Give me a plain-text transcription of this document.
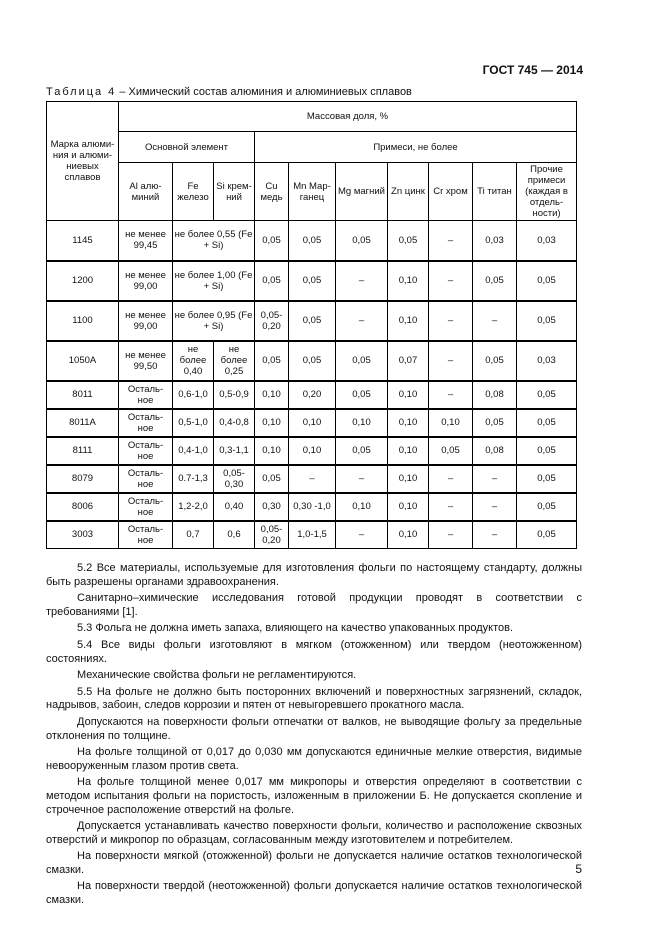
ГОСТ 745 — 2014
Таблица 4 – Химический состав алюминия и алюминиевых сплавов
Марка алюми-ния и алюми-ниевых сплавов	Массовая доля, %									
	Основной элемент			Примеси, не более						
	Al алю-миний	Fe железо	Si крем-ний	Cu медь	Mn Мар-ганец	Mg магний	Zn цинк	Cr хром	Ti титан	Прочие примеси (каждая в отдель-ности)
1145	не менее 99,45	не более 0,55 (Fe + Si)		0,05	0,05	0,05	0,05	–	0,03	0,03
1200	не менее 99,00	не более 1,00 (Fe + Si)		0,05	0,05	–	0,10	–	0,05	0,05
1100	не менее 99,00	не более 0,95 (Fe + Si)		0,05- 0,20	0,05	–	0,10	–	–	0,05
1050A	не менее 99,50	не более 0,40	не более 0,25	0,05	0,05	0,05	0,07	–	0,05	0,03
8011	Осталь-ное	0,6-1,0	0,5-0,9	0,10	0,20	0,05	0,10	–	0,08	0,05
8011A	Осталь-ное	0,5-1,0	0,4-0,8	0,10	0,10	0,10	0,10	0,10	0,05	0,05
8111	Осталь-ное	0,4-1,0	0,3-1,1	0,10	0,10	0,05	0,10	0,05	0,08	0,05
8079	Осталь-ное	0.7-1,3	0,05- 0,30	0,05	–	–	0,10	–	–	0,05
8006	Осталь-ное	1,2-2,0	0,40	0,30	0,30 -1,0	0,10	0,10	–	–	0,05
3003	Осталь-ное	0,7	0,6	0,05- 0,20	1,0-1,5	–	0,10	–	–	0,05

5.2 Все материалы, используемые для изготовления фольги по настоящему стандарту, должны быть разрешены органами здравоохранения.

Санитарно–химические исследования готовой продукции проводят в соответствии с требованиями [1].

5.3 Фольга не должна иметь запаха, влияющего на качество упакованных продуктов.

5.4 Все виды фольги изготовляют в мягком (отожженном) или твердом (неотожженном) состояниях.

Механические свойства фольги не регламентируются.

5.5 На фольге не должно быть посторонних включений и поверхностных загрязнений, складок, надрывов, забоин, следов коррозии и пятен от невыгоревшего прокатного масла.

Допускаются на поверхности фольги отпечатки от валков, не выводящие фольгу за предельные отклонения по толщине.

На фольге толщиной от 0,017 до 0,030 мм допускаются единичные мелкие отверстия, видимые невооруженным глазом против света.

На фольге толщиной менее 0,017 мм микропоры и отверстия определяют в соответствии с методом испытания фольги на пористость, изложенным в приложении Б. Не допускается скопление и строчечное расположение отверстий на фольге.

Допускается устанавливать качество поверхности фольги, количество и расположение сквозных отверстий и микропор по образцам, согласованным между изготовителем и потребителем.

На поверхности мягкой (отожженной) фольги не допускается наличие остатков технологической смазки.

На поверхности твердой (неотожженной) фольги допускается наличие остатков технологической смазки.

5
